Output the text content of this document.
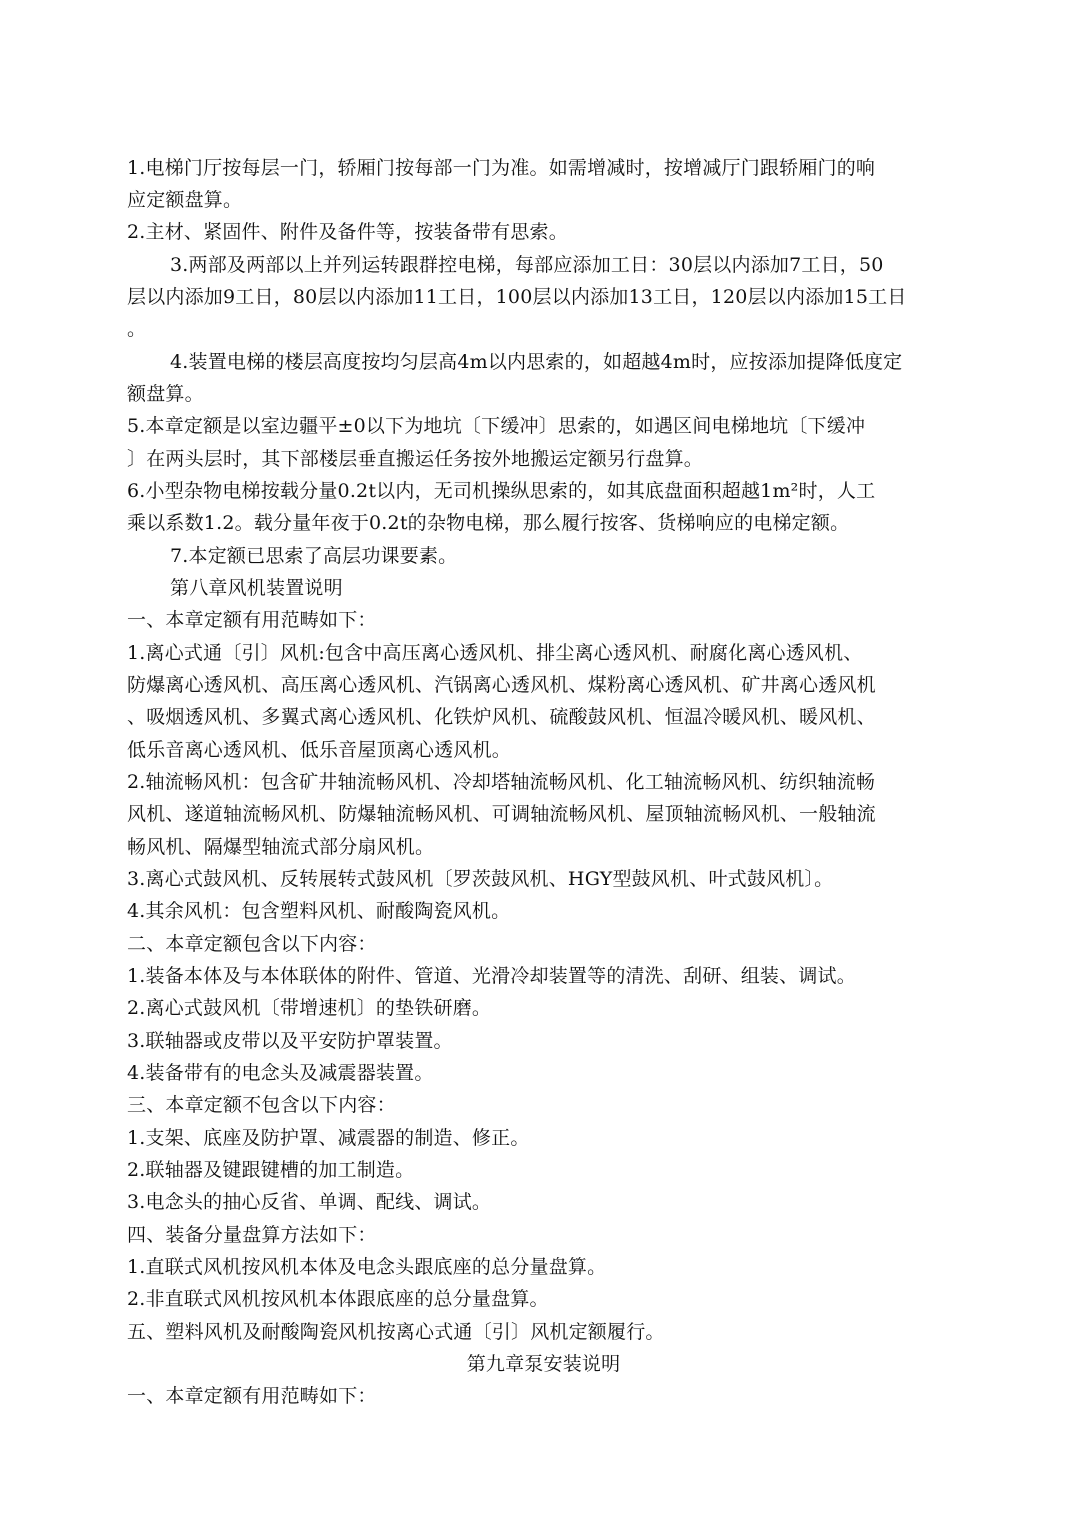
1.电梯门厅按每层一门，轿厢门按每部一门为准。如需增减时，按增减厅门跟轿厢门的响
应定额盘算。
2.主材、紧固件、附件及备件等，按装备带有思索。
3.两部及两部以上并列运转跟群控电梯，每部应添加工日：30层以内添加7工日，50
层以内添加9工日，80层以内添加11工日，100层以内添加13工日，120层以内添加15工日
。
4.装置电梯的楼层高度按均匀层高4m以内思索的，如超越4m时，应按添加提降低度定
额盘算。
5.本章定额是以室边疆平±0以下为地坑〔下缓冲〕思索的，如遇区间电梯地坑〔下缓冲
〕在两头层时，其下部楼层垂直搬运任务按外地搬运定额另行盘算。
6.小型杂物电梯按载分量0.2t以内，无司机操纵思索的，如其底盘面积超越1m²时，人工
乘以系数1.2。载分量年夜于0.2t的杂物电梯，那么履行按客、货梯响应的电梯定额。
7.本定额已思索了高层功课要素。
第八章风机装置说明
一、本章定额有用范畴如下：
1.离心式通〔引〕风机:包含中高压离心透风机、排尘离心透风机、耐腐化离心透风机、
防爆离心透风机、高压离心透风机、汽锅离心透风机、煤粉离心透风机、矿井离心透风机
、吸烟透风机、多翼式离心透风机、化铁炉风机、硫酸鼓风机、恒温冷暖风机、暖风机、
低乐音离心透风机、低乐音屋顶离心透风机。
2.轴流畅风机：包含矿井轴流畅风机、冷却塔轴流畅风机、化工轴流畅风机、纺织轴流畅
风机、遂道轴流畅风机、防爆轴流畅风机、可调轴流畅风机、屋顶轴流畅风机、一般轴流
畅风机、隔爆型轴流式部分扇风机。
3.离心式鼓风机、反转展转式鼓风机〔罗茨鼓风机、HGY型鼓风机、叶式鼓风机〕。
4.其余风机：包含塑料风机、耐酸陶瓷风机。
二、本章定额包含以下内容：
1.装备本体及与本体联体的附件、管道、光滑冷却装置等的清洗、刮研、组装、调试。
2.离心式鼓风机〔带增速机〕的垫铁研磨。
3.联轴器或皮带以及平安防护罩装置。
4.装备带有的电念头及减震器装置。
三、本章定额不包含以下内容：
1.支架、底座及防护罩、减震器的制造、修正。
2.联轴器及键跟键槽的加工制造。
3.电念头的抽心反省、单调、配线、调试。
四、装备分量盘算方法如下：
1.直联式风机按风机本体及电念头跟底座的总分量盘算。
2.非直联式风机按风机本体跟底座的总分量盘算。
五、塑料风机及耐酸陶瓷风机按离心式通〔引〕风机定额履行。
第九章泵安装说明
一、本章定额有用范畴如下：
